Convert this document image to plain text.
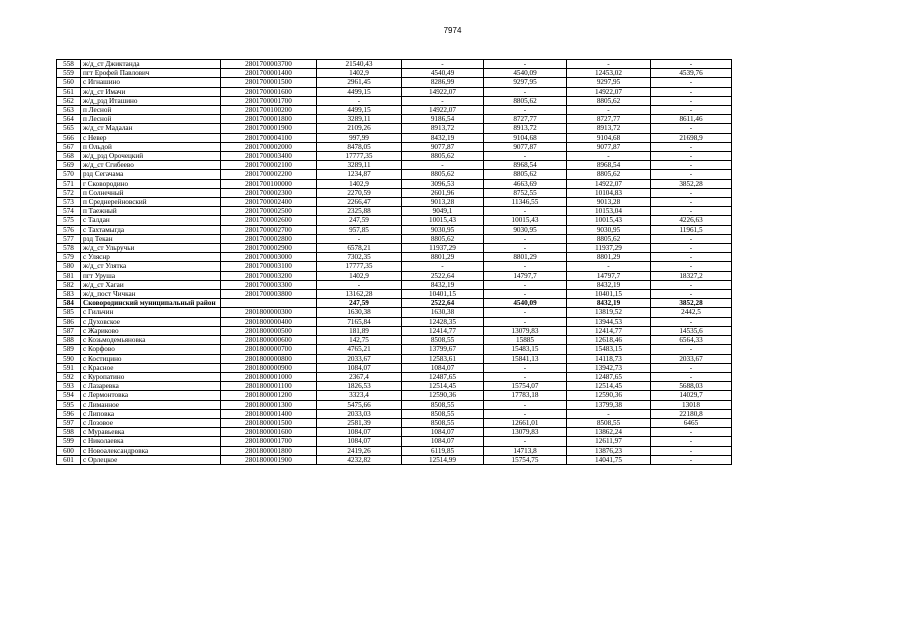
7974
558	ж/д_ст Джиктанда	2801700003700	21540,43	-	-	-	-
559	пгт Ерофей Павлович	2801700001400	1402,9	4540,49	4540,09	12453,02	4539,76
560	с Игнашино	2801700001500	2961,45	8286,99	9297,95	9297,95	-
561	ж/д_ст Имачи	2801700001600	4499,15	14922,07	-	14922,07	-
562	ж/д_рзд Иташино	2801700001700	-	-	8805,62	8805,62	-
563	п Лесной	2801700100200	4499,15	14922,07	-	-	-
564	п Лесной	2801700001800	3289,11	9186,54	8727,77	8727,77	8611,46
565	ж/д_ст Мадалан	2801700001900	2109,26	8913,72	8913,72	8913,72	-
566	с Невер	2801700004100	997,99	8432,19	9104,68	9104,68	21698,9
567	п Ольдой	2801700002000	8478,05	9077,87	9077,87	9077,87	-
568	ж/д_рзд Орочецкий	2801700003400	17777,35	8805,62	-	-	-
569	ж/д_ст Сгибеево	2801700002100	3289,11	-	8968,54	8968,54	-
570	рзд Сегачама	2801700002200	1234,87	8805,62	8805,62	8805,62	-
571	г Сковородино	2801700100000	1402,9	3096,53	4663,69	14922,07	3852,28
572	п Солнечный	2801700002300	2270,59	2601,96	8752,55	10104,83	-
573	п Среднерейновский	2801700002400	2266,47	9013,28	11346,55	9013,28	-
574	п Таежный	2801700002500	2325,88	9049,1	-	10153,04	-
575	с Талдан	2801700002600	247,59	10015,43	10015,43	10015,43	4226,63
576	с Тахтамыгда	2801700002700	957,85	9030,95	9030,95	9030,95	11961,5
577	рзд Текан	2801700002800	-	8805,62	-	8805,62	-
578	ж/д_ст Ульручьи	2801700002900	6578,21	11937,29	-	11937,29	-
579	с Уляснр	2801700003000	7302,35	8801,29	8801,29	8801,29	-
580	ж/д_ст Улятка	2801700003100	17777,35	-	-	-	-
581	пгт Уруша	2801700003200	1402,9	2522,64	14797,7	14797,7	18327,2
582	ж/д_ст Хагаи	2801700003300	-	8432,19	-	8432,19	-
583	ж/д_пост Чичкан	2801700003800	13162,28	10401,15	-	10401,15	-
584	Сковородинский муниципальный район		247,59	2522,64	4540,09	8432,19	3852,28
585	с Гильчин	2801800000300	1630,38	1630,38	-	13819,52	2442,5
586	с Духовское	2801800000400	7165,84	12428,35	-	13944,53	-
587	с Жариково	2801800000500	181,89	12414,77	13079,83	12414,77	14535,6
588	с Козьмодемьяновка	2801800000600	142,75	8508,55	15885	12618,46	6564,33
589	с Корфово	2801800000700	4765,21	13799,67	15483,15	15483,15	-
590	с Костицино	2801800000800	2033,67	12583,61	15841,13	14118,73	2033,67
591	с Красное	2801800000900	1084,07	1084,07	-	13942,73	-
592	с Куропатино	2801800001000	2367,4	12487,65	-	12487,65	-
593	с Лазаревка	2801800001100	1826,53	12514,45	15754,07	12514,45	5688,03
594	с Лермонтовка	2801800001200	3323,4	12590,36	17783,18	12590,36	14029,7
595	с Лиманное	2801800001300	5475,66	8508,55	-	13799,38	13018
596	с Липовка	2801800001400	2033,03	8508,55	-	-	22180,8
597	с Лозовое	2801800001500	2581,39	8508,55	12661,01	8508,55	6465
598	с Муравьевка	2801800001600	1084,07	1084,07	13079,83	13862,24	-
599	с Николаевка	2801800001700	1084,07	1084,07	-	12611,97	-
600	с Новоалександровка	2801800001800	2419,26	6119,85	14713,8	13876,23	-
601	с Орлецкое	2801800001900	4232,82	12514,99	15754,75	14041,75	-
